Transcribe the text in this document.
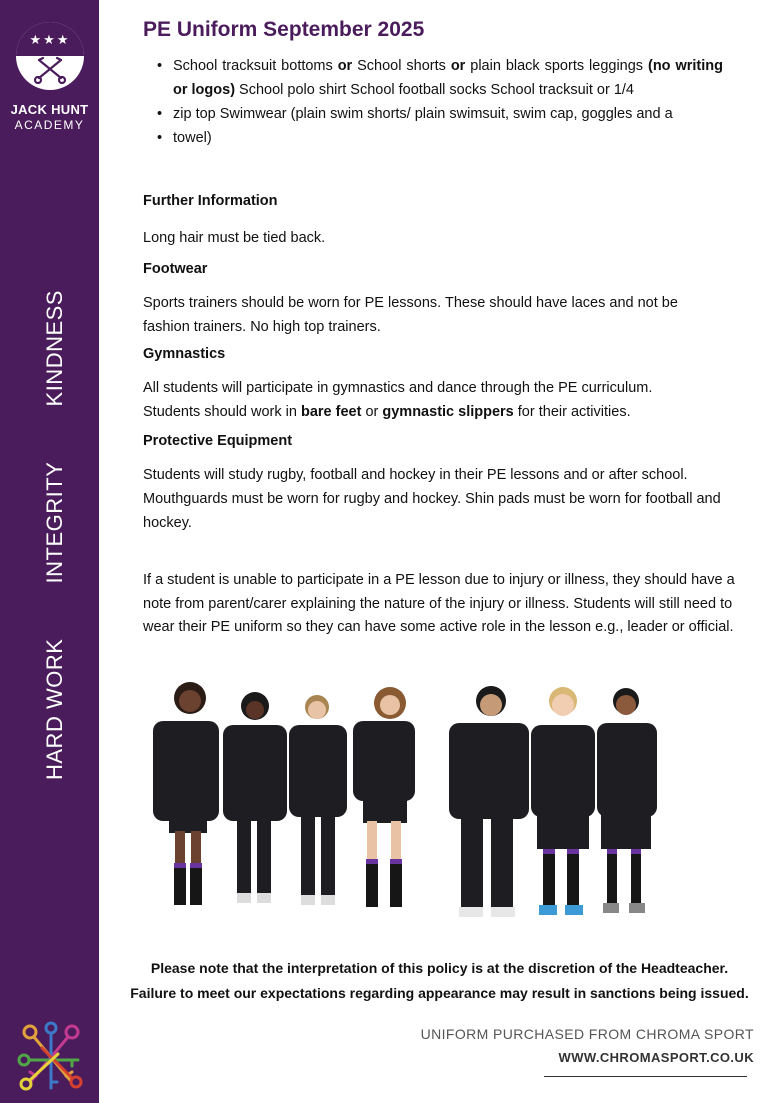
★★★
JACK HUNT
ACADEMY
HARD WORK
INTEGRITY
KINDNESS
PE Uniform September 2025
• School tracksuit bottoms or School shorts or plain black sports leggings (no writing or logos) School polo shirt School football socks School tracksuit or 1/4
• zip top Swimwear (plain swim shorts/ plain swimsuit, swim cap, goggles and a
• towel)

Further Information

Long hair must be tied back.

Footwear

Sports trainers should be worn for PE lessons. These should have laces and not be fashion trainers. No high top trainers.

Gymnastics

All students will participate in gymnastics and dance through the PE curriculum. Students should work in bare feet or gymnastic slippers for their activities.

Protective Equipment

Students will study rugby, football and hockey in their PE lessons and or after school. Mouthguards must be worn for rugby and hockey. Shin pads must be worn for football and hockey.

If a student is unable to participate in a PE lesson due to injury or illness, they should have a note from parent/carer explaining the nature of the injury or illness. Students will still need to wear their PE uniform so they can have some active role in the lesson e.g., leader or official.

Please note that the interpretation of this policy is at the discretion of the Headteacher.
Failure to meet our expectations regarding appearance may result in sanctions being issued.
UNIFORM PURCHASED FROM CHROMA SPORT
WWW.CHROMASPORT.CO.UK
